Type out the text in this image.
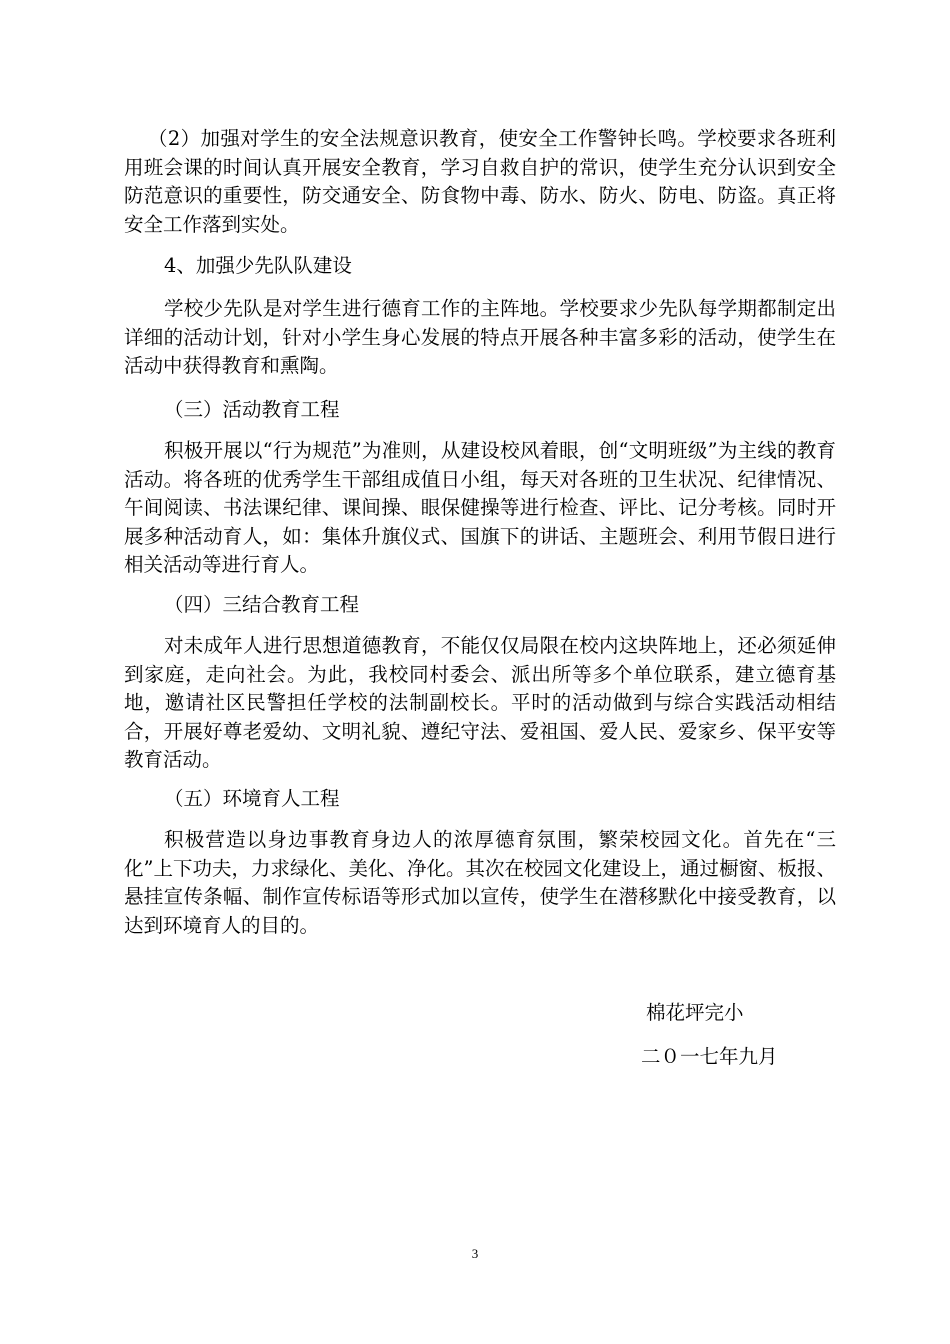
（2）加强对学生的安全法规意识教育，使安全工作警钟长鸣。学校要求各班利用班会课的时间认真开展安全教育，学习自救自护的常识，使学生充分认识到安全防范意识的重要性，防交通安全、防食物中毒、防水、防火、防电、防盗。真正将安全工作落到实处。

4、加强少先队队建设

学校少先队是对学生进行德育工作的主阵地。学校要求少先队每学期都制定出详细的活动计划，针对小学生身心发展的特点开展各种丰富多彩的活动，使学生在活动中获得教育和熏陶。

（三）活动教育工程

积极开展以“行为规范”为准则，从建设校风着眼，创“文明班级”为主线的教育活动。将各班的优秀学生干部组成值日小组，每天对各班的卫生状况、纪律情况、午间阅读、书法课纪律、课间操、眼保健操等进行检查、评比、记分考核。同时开展多种活动育人，如：集体升旗仪式、国旗下的讲话、主题班会、利用节假日进行相关活动等进行育人。

（四）三结合教育工程

对未成年人进行思想道德教育，不能仅仅局限在校内这块阵地上，还必须延伸到家庭，走向社会。为此，我校同村委会、派出所等多个单位联系，建立德育基地，邀请社区民警担任学校的法制副校长。平时的活动做到与综合实践活动相结合，开展好尊老爱幼、文明礼貌、遵纪守法、爱祖国、爱人民、爱家乡、保平安等教育活动。

（五）环境育人工程

积极营造以身边事教育身边人的浓厚德育氛围，繁荣校园文化。首先在“三化”上下功夫，力求绿化、美化、净化。其次在校园文化建设上，通过橱窗、板报、悬挂宣传条幅、制作宣传标语等形式加以宣传，使学生在潜移默化中接受教育，以达到环境育人的目的。

棉花坪完小

二０一七年九月

3
